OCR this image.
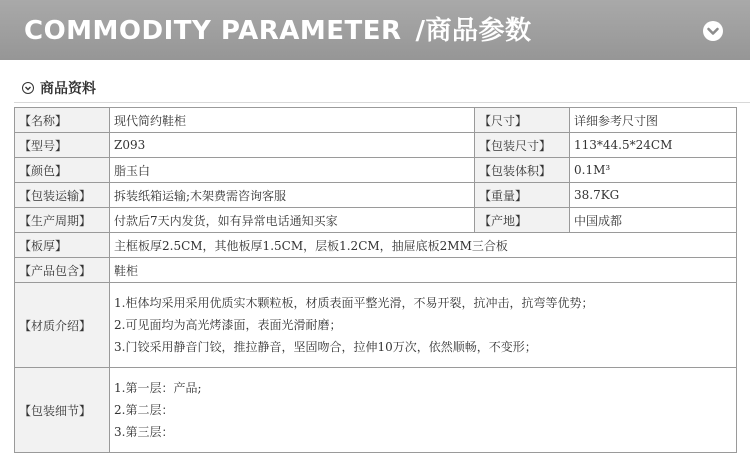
COMMODITY PARAMETER /商品参数
商品资料
【名称】	现代简约鞋柜	【尺寸】	详细参考尺寸图
【型号】	Z093	【包装尺寸】	113*44.5*24CM
【颜色】	脂玉白	【包装体积】	0.1M³
【包装运输】	拆装纸箱运输;木架费需咨询客服	【重量】	38.7KG
【生产周期】	付款后7天内发货，如有异常电话通知买家	【产地】	中国成都
【板厚】	主框板厚2.5CM，其他板厚1.5CM，层板1.2CM，抽屉底板2MM三合板		
【产品包含】	鞋柜		
【材质介绍】	1.柜体均采用采用优质实木颗粒板，材质表面平整光滑，不易开裂，抗冲击，抗弯等优势；
2.可见面均为高光烤漆面，表面光滑耐磨；
3.门铰采用静音门铰，推拉静音，坚固吻合，拉伸10万次，依然顺畅，不变形；		

【包装细节】	1.第一层：产品;
2.第二层：
3.第三层：		
